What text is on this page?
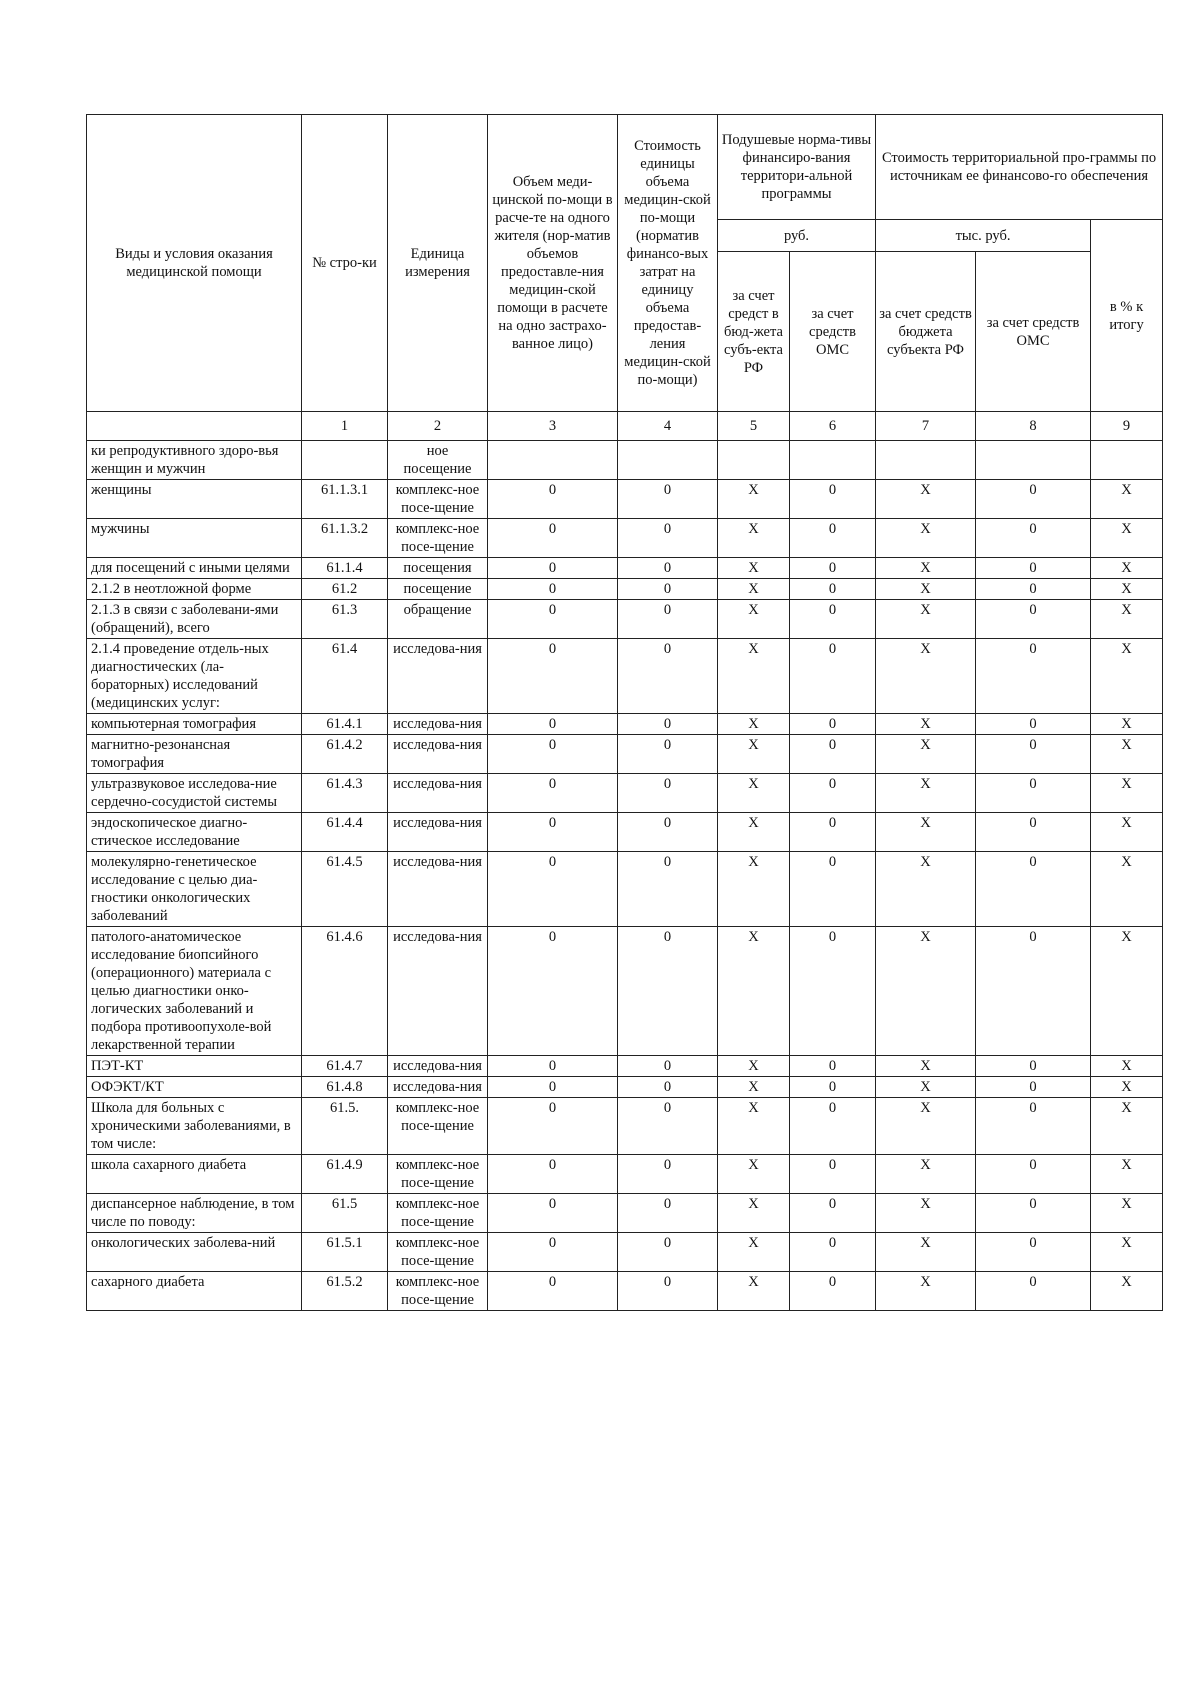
Виды и условия оказания медицинской помощи	№ стро-ки	Единица измерения	Объем меди-цинской по-мощи в расче-те на одного жителя (нор-матив объемов предоставле-ния медицин-ской помощи в расчете на одно застрахо-ванное лицо)	Стоимость единицы объема медицин-ской по-мощи (норматив финансо-вых затрат на единицу объема предостав-ления медицин-ской по-мощи)	Подушевые норма-тивы финансиро-вания территори-альной программы		Стоимость территориальной про-граммы по источникам ее финансово-го обеспечения		
					руб.		тыс. руб.		в % к итогу
					за счет средст в бюд-жета субъ-екта РФ	за счет средств ОМС	за счет средств бюджета субъекта РФ	за счет средств ОМС	
	1	2	3	4	5	6	7	8	9
ки репродуктивного здоро-вья женщин и мужчин		ное посещение							
женщины	61.1.3.1	комплекс-ное посе-щение	0	0	X	0	X	0	X
мужчины	61.1.3.2	комплекс-ное посе-щение	0	0	X	0	X	0	X
для посещений с иными целями	61.1.4	посещения	0	0	X	0	X	0	X
2.1.2 в неотложной форме	61.2	посещение	0	0	X	0	X	0	X
2.1.3 в связи с заболевани-ями (обращений), всего	61.3	обращение	0	0	X	0	X	0	X
2.1.4 проведение отдель-ных диагностических (ла-бораторных) исследований (медицинских услуг:	61.4	исследова-ния	0	0	X	0	X	0	X
компьютерная томография	61.4.1	исследова-ния	0	0	X	0	X	0	X
магнитно-резонансная томография	61.4.2	исследова-ния	0	0	X	0	X	0	X
ультразвуковое исследова-ние сердечно-сосудистой системы	61.4.3	исследова-ния	0	0	X	0	X	0	X
эндоскопическое диагно-стическое исследование	61.4.4	исследова-ния	0	0	X	0	X	0	X
молекулярно-генетическое исследование с целью диа-гностики онкологических заболеваний	61.4.5	исследова-ния	0	0	X	0	X	0	X
патолого-анатомическое исследование биопсийного (операционного) материала с целью диагностики онко-логических заболеваний и подбора противоопухоле-вой лекарственной терапии	61.4.6	исследова-ния	0	0	X	0	X	0	X
ПЭТ-КТ	61.4.7	исследова-ния	0	0	X	0	X	0	X
ОФЭКТ/КТ	61.4.8	исследова-ния	0	0	X	0	X	0	X
Школа для больных с хроническими заболеваниями, в том числе:	61.5.	комплекс-ное посе-щение	0	0	X	0	X	0	X
школа сахарного диабета	61.4.9	комплекс-ное посе-щение	0	0	X	0	X	0	X
диспансерное наблюдение, в том числе по поводу:	61.5	комплекс-ное посе-щение	0	0	X	0	X	0	X
онкологических заболева-ний	61.5.1	комплекс-ное посе-щение	0	0	X	0	X	0	X
сахарного диабета	61.5.2	комплекс-ное посе-щение	0	0	X	0	X	0	X
